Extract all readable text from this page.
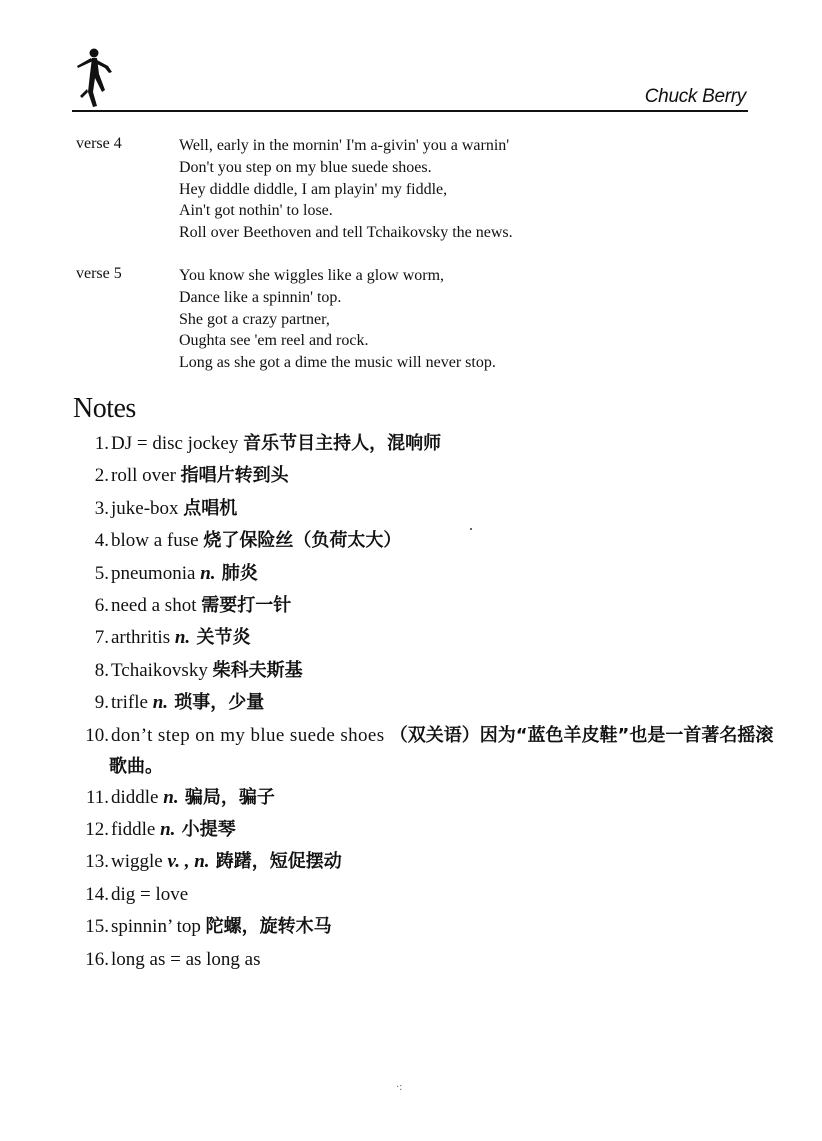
Chuck Berry
verse 4	Well, early in the mornin' I'm a-givin' you a warnin'
Don't you step on my blue suede shoes.
Hey diddle diddle, I am playin' my fiddle,
Ain't got nothin' to lose.
Roll over Beethoven and tell Tchaikovsky the news.
verse 5	You know she wiggles like a glow worm,
Dance like a spinnin' top.
She got a crazy partner,
Oughta see 'em reel and rock.
Long as she got a dime the music will never stop.
Notes
1. DJ = disc jockey 音乐节目主持人，混响师
2. roll over 指唱片转到头
3. juke-box 点唱机
4. blow a fuse 烧了保险丝（负荷太大）
5. pneumonia n. 肺炎
6. need a shot 需要打一针
7. arthritis n. 关节炎
8. Tchaikovsky 柴科夫斯基
9. trifle n. 琐事，少量
10. don’t step on my blue suede shoes （双关语）因为“蓝色羊皮鞋”也是一首著名摇滚歌曲。
11. diddle n. 骗局，骗子
12. fiddle n. 小提琴
13. wiggle v. , n. 踌躇，短促摆动
14. dig = love
15. spinnin’ top 陀螺，旋转木马
16. long as = as long as
·:
